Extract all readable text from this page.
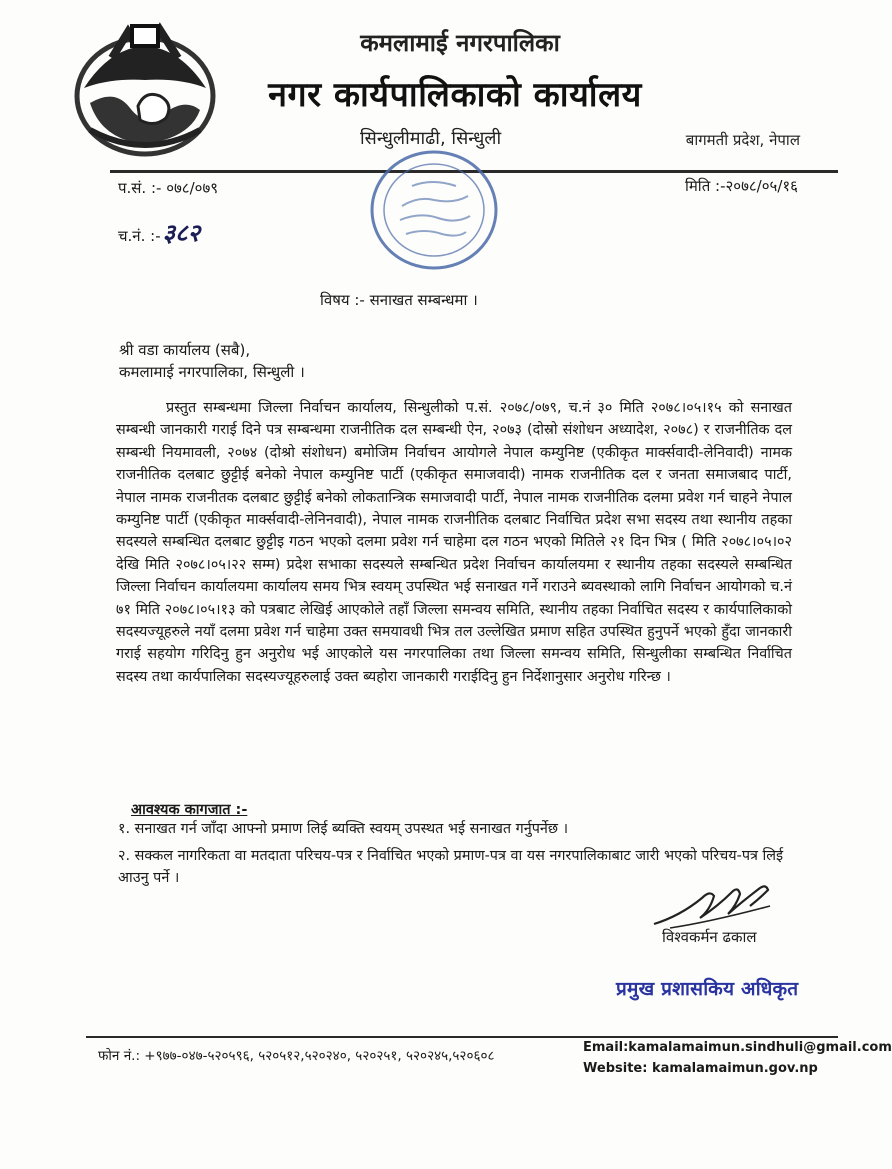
कमलामाई नगरपालिका
नगर कार्यपालिकाको कार्यालय
सिन्धुलीमाढी, सिन्धुली	बागमती प्रदेश, नेपाल
प.सं. :- ०७८/०७९
च.नं. :-३८२
मिति :-२०७८/०५/१६
विषय :- सनाखत सम्बन्धमा ।
श्री वडा कार्यालय (सबै),
कमलामाई नगरपालिका, सिन्धुली ।
प्रस्तुत सम्बन्धमा जिल्ला निर्वाचन कार्यालय, सिन्धुलीको प.सं. २०७८/०७९, च.नं ३० मिति २०७८।०५।१५ को सनाखत सम्बन्धी जानकारी गराई दिने पत्र सम्बन्धमा राजनीतिक दल सम्बन्धी ऐन, २०७३ (दोस्रो संशोधन अध्यादेश, २०७८) र राजनीतिक दल सम्बन्धी नियमावली, २०७४ (दोश्रो संशोधन) बमोजिम निर्वाचन आयोगले नेपाल कम्युनिष्ट (एकीकृत मार्क्सवादी-लेनिवादी) नामक राजनीतिक दलबाट छुट्टीई बनेको नेपाल कम्युनिष्ट पार्टी (एकीकृत समाजवादी) नामक राजनीतिक दल र जनता समाजबाद पार्टी, नेपाल नामक राजनीतक दलबाट छुट्टीई बनेको लोकतान्त्रिक समाजवादी पार्टी, नेपाल नामक राजनीतिक दलमा प्रवेश गर्न चाहने नेपाल कम्युनिष्ट पार्टी (एकीकृत मार्क्सवादी-लेनिनवादी), नेपाल नामक राजनीतिक दलबाट निर्वाचित प्रदेश सभा सदस्य तथा स्थानीय तहका सदस्यले सम्बन्धित दलबाट छुट्टीइ गठन भएको दलमा प्रवेश गर्न चाहेमा दल गठन भएको मितिले २१ दिन भित्र ( मिति २०७८।०५।०२ देखि मिति २०७८।०५।२२ सम्म) प्रदेश सभाका सदस्यले सम्बन्धित प्रदेश निर्वाचन कार्यालयमा र स्थानीय तहका सदस्यले सम्बन्धित जिल्ला निर्वाचन कार्यालयमा कार्यालय समय भित्र स्वयम् उपस्थित भई सनाखत गर्ने गराउने ब्यवस्थाको लागि निर्वाचन आयोगको च.नं ७१ मिति २०७८।०५।१३ को पत्रबाट लेखिई आएकोले तहाँ जिल्ला समन्वय समिति, स्थानीय तहका निर्वाचित सदस्य र कार्यपालिकाको सदस्यज्यूहरुले नयाँ दलमा प्रवेश गर्न चाहेमा उक्त समयावधी भित्र तल उल्लेखित प्रमाण सहित उपस्थित हुनुपर्ने भएको हुँदा जानकारी गराई सहयोग गरिदिनु हुन अनुरोध भई आएकोले यस नगरपालिका तथा जिल्ला समन्वय समिति, सिन्धुलीका सम्बन्धित निर्वाचित सदस्य तथा कार्यपालिका सदस्यज्यूहरुलाई उक्त ब्यहोरा जानकारी गराईदिनु हुन निर्देशानुसार अनुरोध गरिन्छ ।
आवश्यक कागजात :-

१. सनाखत गर्न जाँदा आफ्नो प्रमाण लिई ब्यक्ति स्वयम् उपस्थत भई सनाखत गर्नुपर्नेछ ।

२. सक्कल नागरिकता वा मतदाता परिचय-पत्र र निर्वाचित भएको प्रमाण-पत्र वा यस नगरपालिकाबाट जारी भएको परिचय-पत्र लिई आउनु पर्ने ।

विश्वकर्मन ढकाल
प्रमुख प्रशासकिय अधिकृत
फोन नं.: +९७७-०४७-५२०५९६, ५२०५१२,५२०२४०, ५२०२५१, ५२०२४५,५२०६०८
Email:kamalamaimun.sindhuli@gmail.com
Website: kamalamaimun.gov.np
